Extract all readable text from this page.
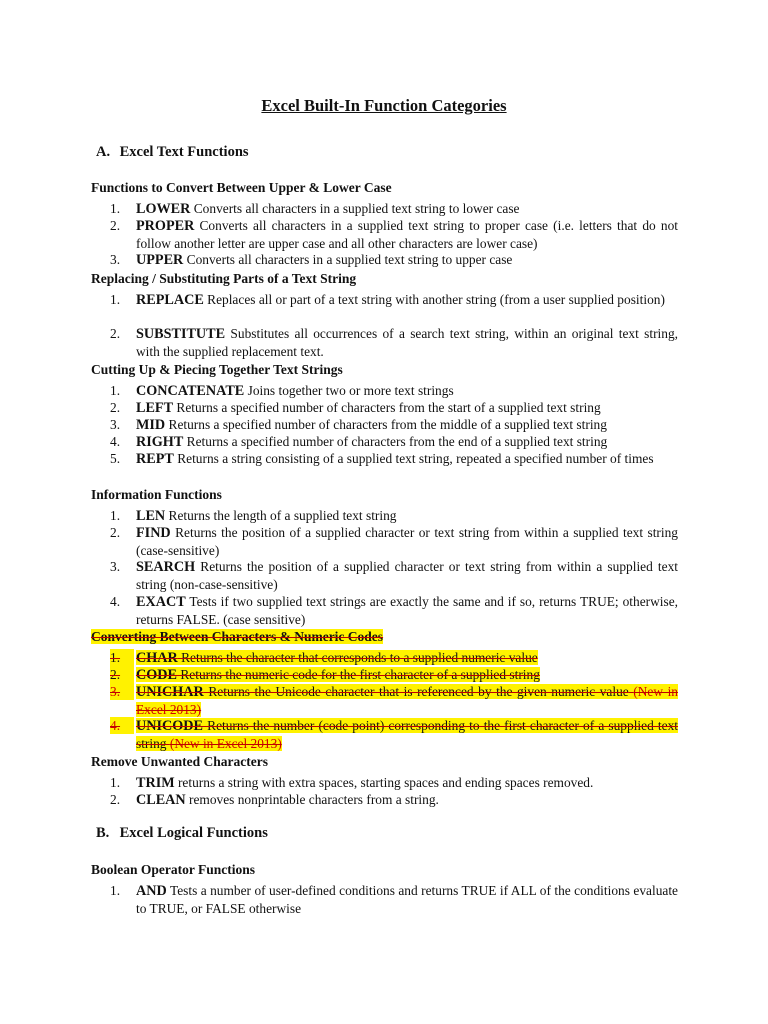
Excel Built-In Function Categories
A. Excel Text Functions
Functions to Convert Between Upper & Lower Case
1.	LOWER Converts all characters in a supplied text string to lower case
2.	PROPER Converts all characters in a supplied text string to proper case (i.e. letters that do not follow another letter are upper case and all other characters are lower case)
3.	UPPER Converts all characters in a supplied text string to upper case
Replacing / Substituting Parts of a Text String
1.	REPLACE Replaces all or part of a text string with another string (from a user supplied position)
2.	SUBSTITUTE Substitutes all occurrences of a search text string, within an original text string, with the supplied replacement text.
Cutting Up & Piecing Together Text Strings
1.	CONCATENATE Joins together two or more text strings
2.	LEFT Returns a specified number of characters from the start of a supplied text string
3.	MID Returns a specified number of characters from the middle of a supplied text string
4.	RIGHT Returns a specified number of characters from the end of a supplied text string
5.	REPT Returns a string consisting of a supplied text string, repeated a specified number of times
Information Functions
1.	LEN Returns the length of a supplied text string
2.	FIND Returns the position of a supplied character or text string from within a supplied text string (case-sensitive)
3.	SEARCH Returns the position of a supplied character or text string from within a supplied text string (non-case-sensitive)
4.	EXACT Tests if two supplied text strings are exactly the same and if so, returns TRUE; otherwise, returns FALSE. (case sensitive)
Converting Between Characters & Numeric Codes
1.	CHAR Returns the character that corresponds to a supplied numeric value
2.	CODE Returns the numeric code for the first character of a supplied string
3.	UNICHAR Returns the Unicode character that is referenced by the given numeric value (New in Excel 2013)
4.	UNICODE Returns the number (code point) corresponding to the first character of a supplied text string (New in Excel 2013)
Remove Unwanted Characters
1.	TRIM returns a string with extra spaces, starting spaces and ending spaces removed.
2.	CLEAN removes nonprintable characters from a string.
B. Excel Logical Functions
Boolean Operator Functions
1.	AND Tests a number of user-defined conditions and returns TRUE if ALL of the conditions evaluate to TRUE, or FALSE otherwise
